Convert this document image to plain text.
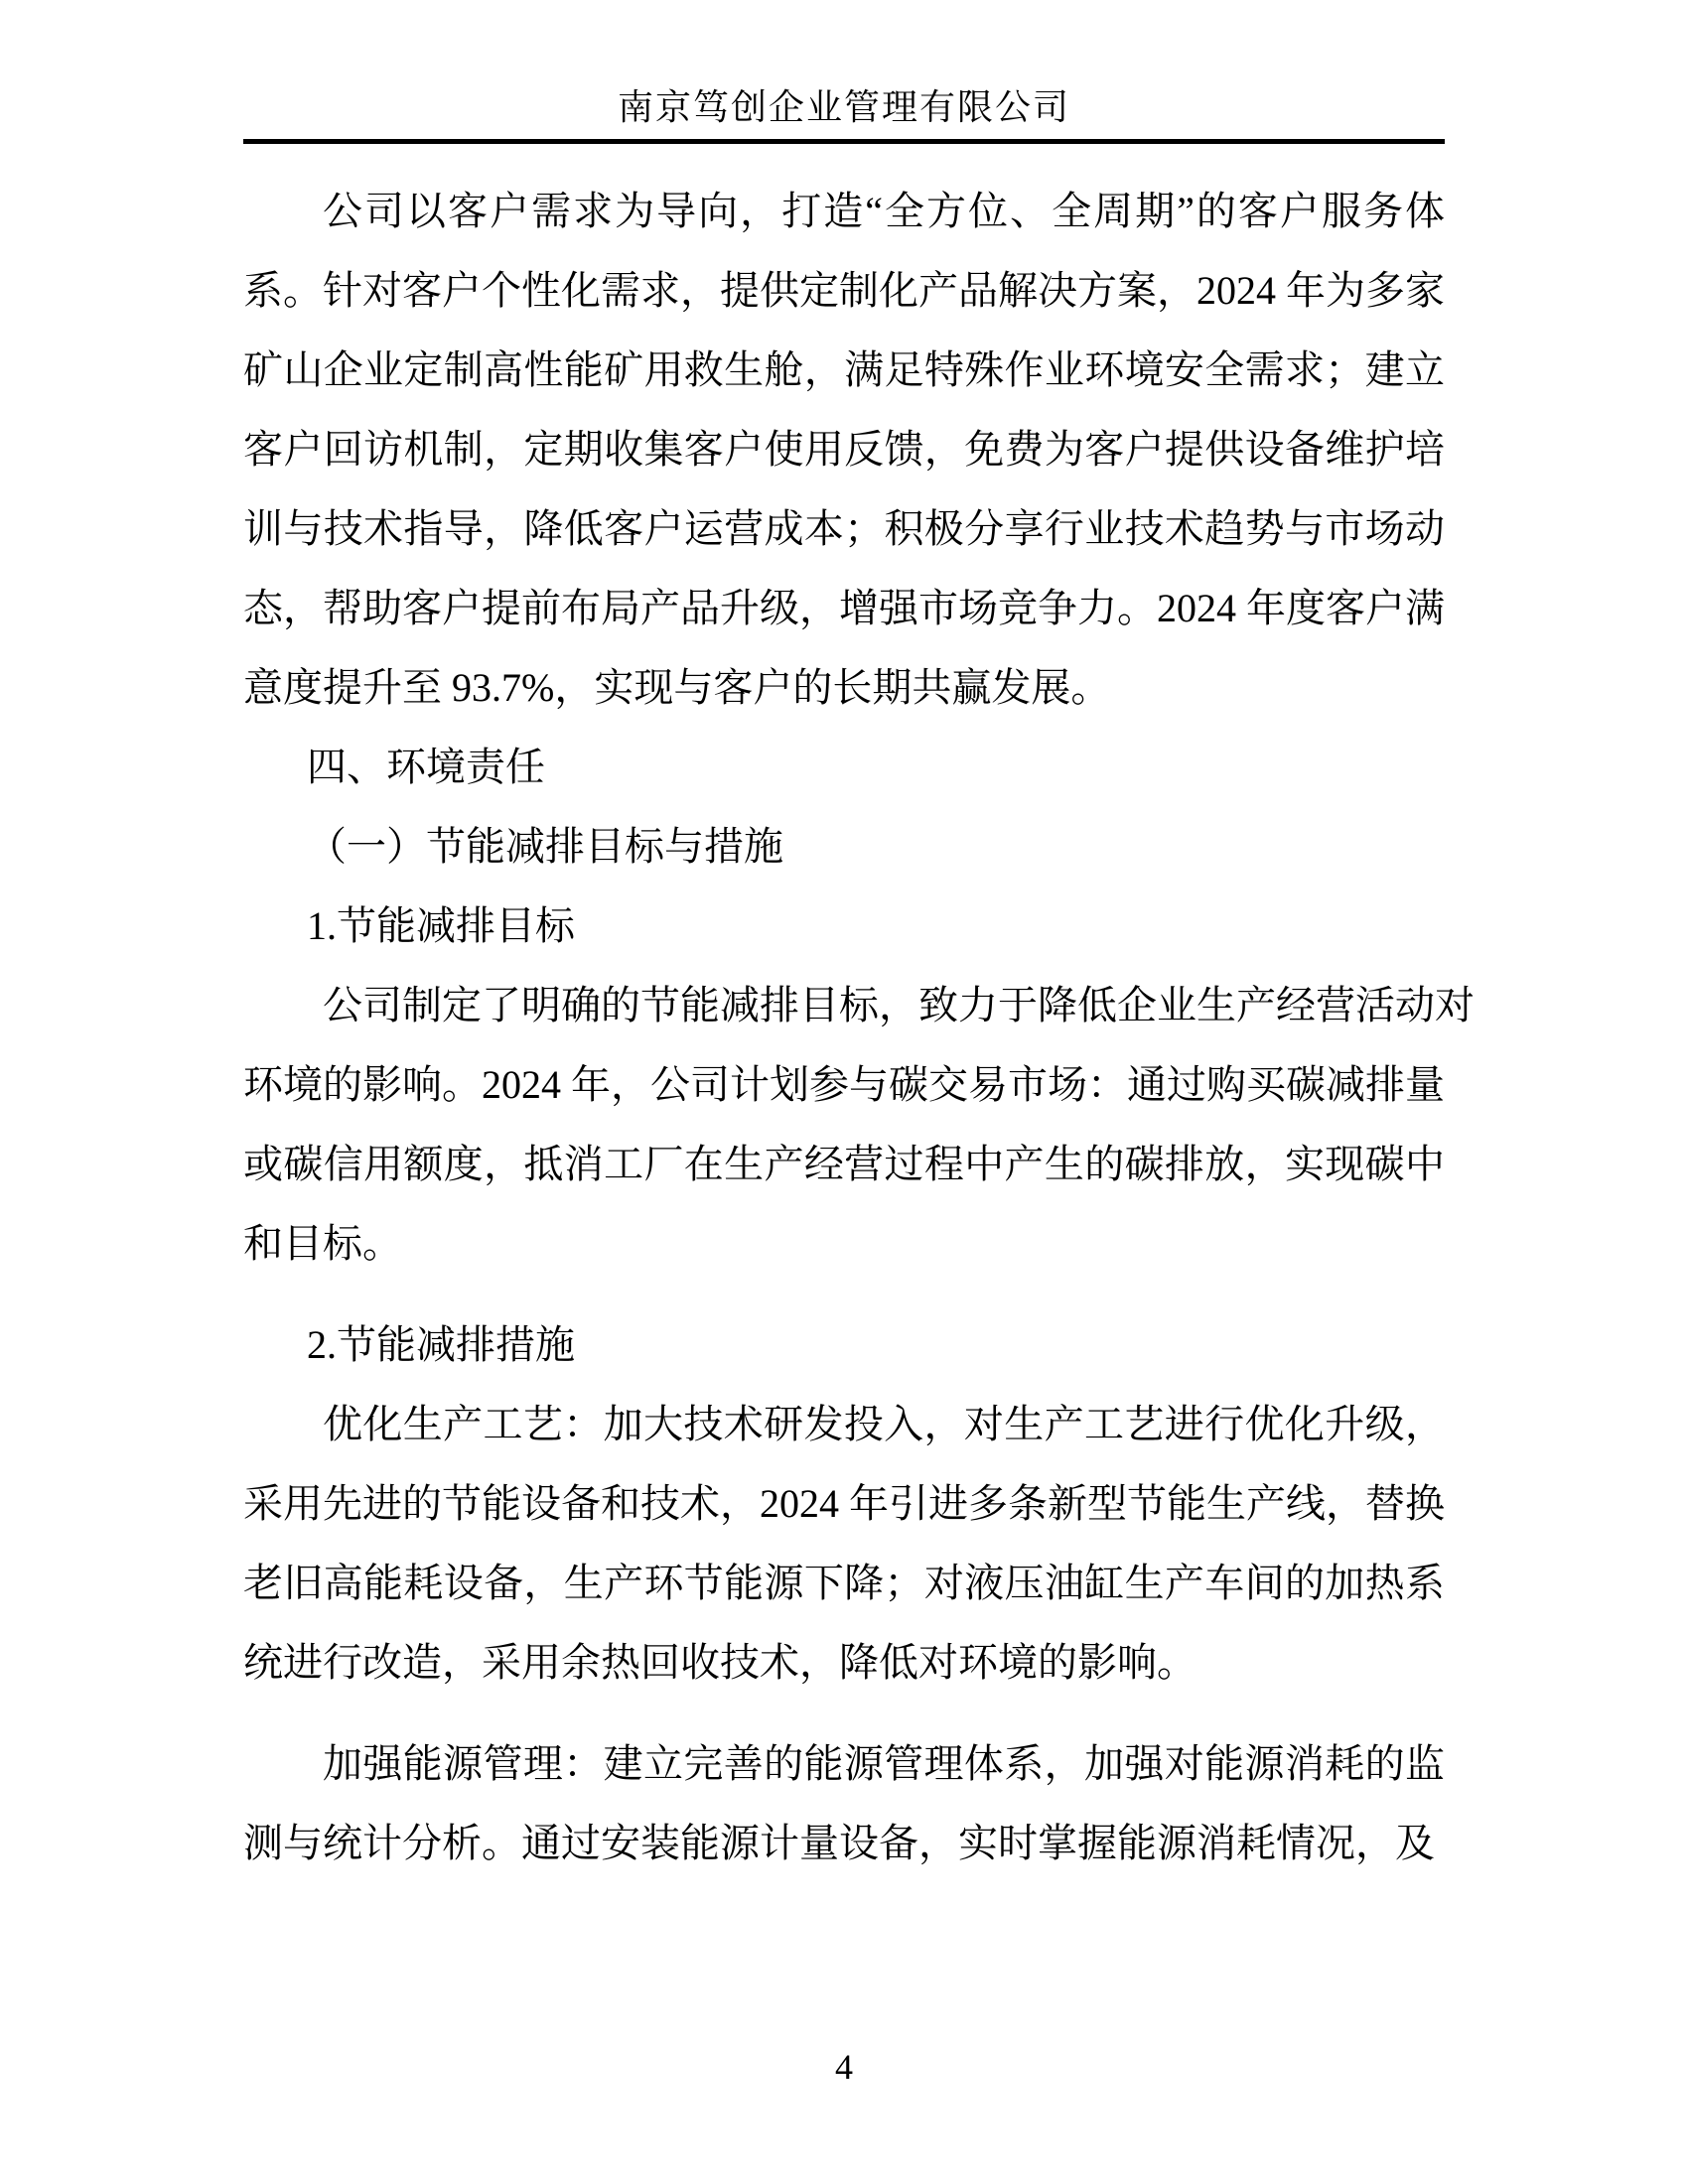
南京笃创企业管理有限公司
公司以客户需求为导向，打造“全方位、全周期”的客户服务体
系。针对客户个性化需求，提供定制化产品解决方案，2024 年为多家
矿山企业定制高性能矿用救生舱，满足特殊作业环境安全需求；建立
客户回访机制，定期收集客户使用反馈，免费为客户提供设备维护培
训与技术指导，降低客户运营成本；积极分享行业技术趋势与市场动
态，帮助客户提前布局产品升级，增强市场竞争力。2024 年度客户满
意度提升至 93.7%，实现与客户的长期共赢发展。
四、环境责任
（一）节能减排目标与措施
1.节能减排目标
公司制定了明确的节能减排目标，致力于降低企业生产经营活动对
环境的影响。2024 年，公司计划参与碳交易市场：通过购买碳减排量
或碳信用额度，抵消工厂在生产经营过程中产生的碳排放，实现碳中
和目标。
2.节能减排措施
优化生产工艺：加大技术研发投入，对生产工艺进行优化升级，
采用先进的节能设备和技术，2024 年引进多条新型节能生产线，替换
老旧高能耗设备，生产环节能源下降；对液压油缸生产车间的加热系
统进行改造，采用余热回收技术，降低对环境的影响。
加强能源管理：建立完善的能源管理体系，加强对能源消耗的监
测与统计分析。通过安装能源计量设备，实时掌握能源消耗情况，及
4
